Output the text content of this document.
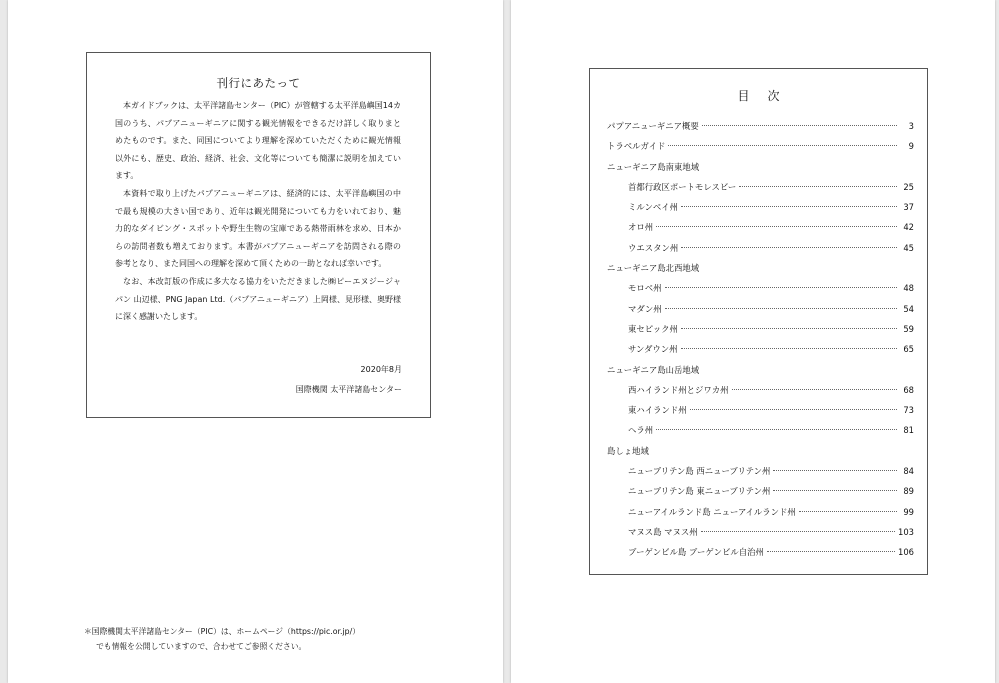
刊行にあたって

本ガイドブックは、太平洋諸島センター（PIC）が管轄する太平洋島嶼国14カ国のうち、パプアニューギニアに関する観光情報をできるだけ詳しく取りまとめたものです。また、同国についてより理解を深めていただくために観光情報以外にも、歴史、政治、経済、社会、文化等についても簡潔に説明を加えています。

本資料で取り上げたパプアニューギニアは、経済的には、太平洋島嶼国の中で最も規模の大きい国であり、近年は観光開発についても力をいれており、魅力的なダイビング・スポットや野生生物の宝庫である熱帯雨林を求め、日本からの訪問者数も増えております。本書がパプアニューギニアを訪問される際の参考となり、また同国への理解を深めて頂くための一助となれば幸いです。

なお、本改訂版の作成に多大なる協力をいただきました㈱ピーエヌジージャパン 山辺様、PNG Japan Ltd.（パプアニューギニア）上岡様、見形様、奥野様に深く感謝いたします。

2020年8月
国際機関 太平洋諸島センター
＊国際機関太平洋諸島センター（PIC）は、ホームページ（https://pic.or.jp/）
でも情報を公開していますので、合わせてご参照ください。
目次
パプアニューギニア概要	3
トラベルガイド	9
ニューギニア島南東地域
首都行政区ポートモレスビー	25
ミルンベイ州	37
オロ州	42
ウエスタン州	45
ニューギニア島北西地域
モロベ州	48
マダン州	54
東セピック州	59
サンダウン州	65
ニューギニア島山岳地域
西ハイランド州とジワカ州	68
東ハイランド州	73
ヘラ州	81
島しょ地域
ニューブリテン島 西ニューブリテン州	84
ニューブリテン島 東ニューブリテン州	89
ニューアイルランド島 ニューアイルランド州	99
マヌス島 マヌス州	103
ブーゲンビル島 ブーゲンビル自治州	106
